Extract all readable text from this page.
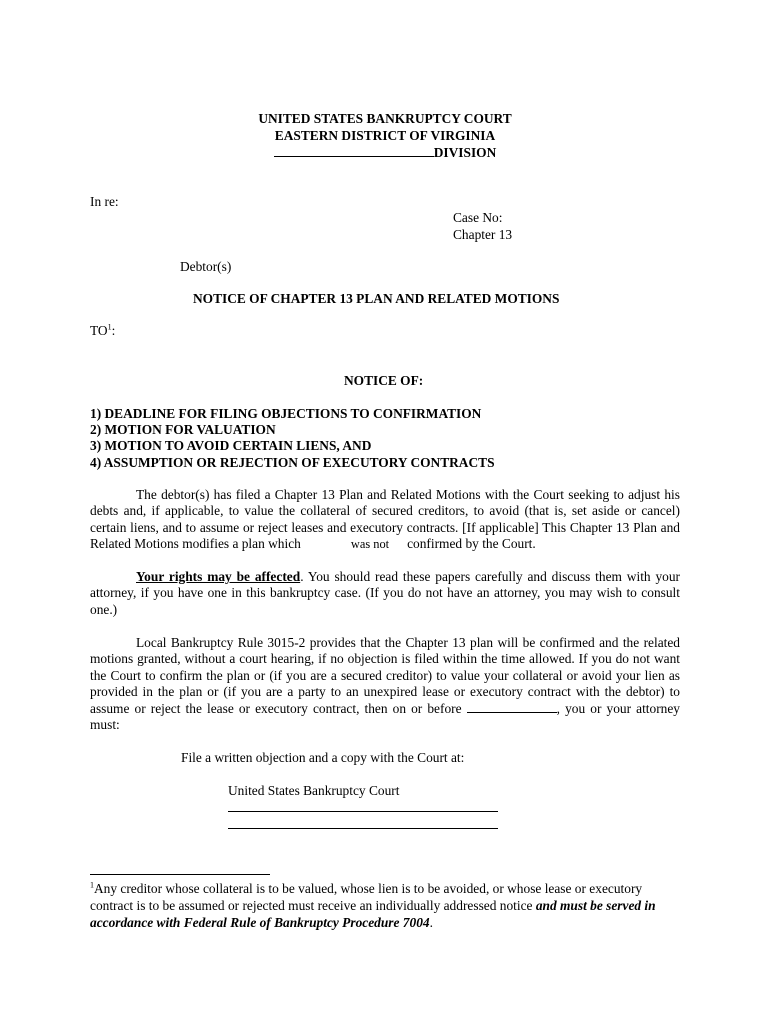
UNITED STATES BANKRUPTCY COURT
EASTERN DISTRICT OF VIRGINIA
DIVISION
In re:
Case No:
Chapter 13
Debtor(s)
NOTICE OF CHAPTER 13 PLAN AND RELATED MOTIONS
$TO^1$:
NOTICE OF:
1) DEADLINE FOR FILING OBJECTIONS TO CONFIRMATION
2) MOTION FOR VALUATION
3) MOTION TO AVOID CERTAIN LIENS, AND
4) ASSUMPTION OR REJECTION OF EXECUTORY CONTRACTS

The debtor(s) has filed a Chapter 13 Plan and Related Motions with the Court seeking to adjust his debts and, if applicable, to value the collateral of secured creditors, to avoid (that is, set aside or cancel) certain liens, and to assume or reject leases and executory contracts. [If applicable] This Chapter 13 Plan and Related Motions modifies a plan which	was not confirmed by the Court.

Your rights may be affected. You should read these papers carefully and discuss them with your attorney, if you have one in this bankruptcy case. (If you do not have an attorney, you may wish to consult one.)

Local Bankruptcy Rule 3015-2 provides that the Chapter 13 plan will be confirmed and the related motions granted, without a court hearing, if no objection is filed within the time allowed. If you do not want the Court to confirm the plan or (if you are a secured creditor) to value your collateral or avoid your lien as provided in the plan or (if you are a party to an unexpired lease or executory contract with the debtor) to assume or reject the lease or executory contract, then on or before	, you or your attorney must:

File a written objection and a copy with the Court at:
United States Bankruptcy Court

$^1$Any creditor whose collateral is to be valued, whose lien is to be avoided, or whose lease or executory contract is to be assumed or rejected must receive an individually addressed notice and must be served in accordance with Federal Rule of Bankruptcy Procedure 7004.
